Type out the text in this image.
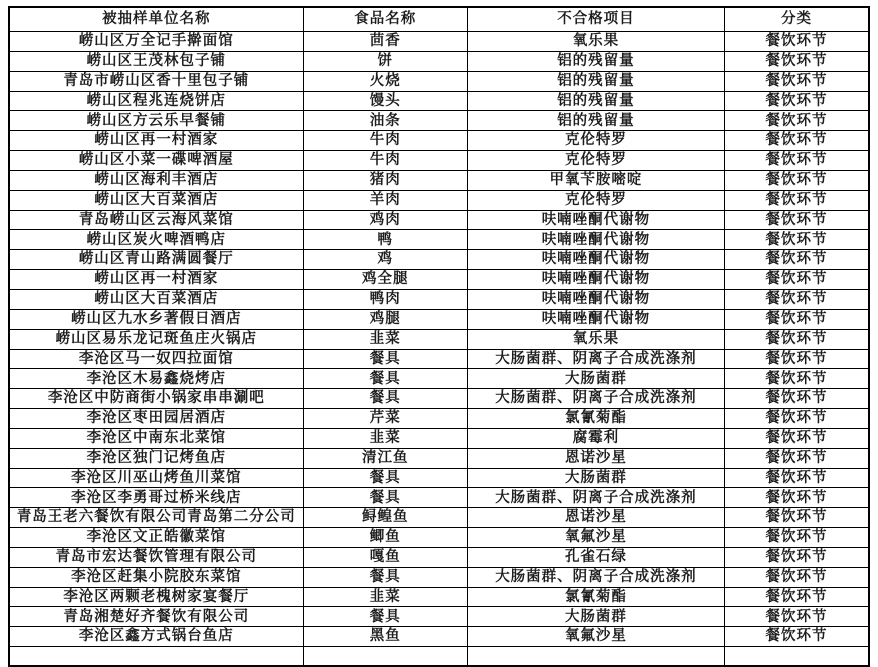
被抽样单位名称	食品名称	不合格项目	分类
崂山区万全记手擀面馆	茴香	氧乐果	餐饮环节
崂山区王茂林包子铺	饼	铝的残留量	餐饮环节
青岛市崂山区香十里包子铺	火烧	铝的残留量	餐饮环节
崂山区程兆连烧饼店	馒头	铝的残留量	餐饮环节
崂山区方云乐早餐铺	油条	铝的残留量	餐饮环节
崂山区再一村酒家	牛肉	克伦特罗	餐饮环节
崂山区小菜一碟啤酒屋	牛肉	克伦特罗	餐饮环节
崂山区海利丰酒店	猪肉	甲氧苄胺嘧啶	餐饮环节
崂山区大百菜酒店	羊肉	克伦特罗	餐饮环节
青岛崂山区云海风菜馆	鸡肉	呋喃唑酮代谢物	餐饮环节
崂山区炭火啤酒鸭店	鸭	呋喃唑酮代谢物	餐饮环节
崂山区青山路满圆餐厅	鸡	呋喃唑酮代谢物	餐饮环节
崂山区再一村酒家	鸡全腿	呋喃唑酮代谢物	餐饮环节
崂山区大百菜酒店	鸭肉	呋喃唑酮代谢物	餐饮环节
崂山区九水乡著假日酒店	鸡腿	呋喃唑酮代谢物	餐饮环节
崂山区易乐龙记斑鱼庄火锅店	韭菜	氧乐果	餐饮环节
李沧区马一奴四拉面馆	餐具	大肠菌群、阴离子合成洗涤剂	餐饮环节
李沧区木易鑫烧烤店	餐具	大肠菌群	餐饮环节
李沧区中防商街小锅家串串涮吧	餐具	大肠菌群、阴离子合成洗涤剂	餐饮环节
李沧区枣田园居酒店	芹菜	氯氰菊酯	餐饮环节
李沧区中南东北菜馆	韭菜	腐霉利	餐饮环节
李沧区独门记烤鱼店	清江鱼	恩诺沙星	餐饮环节
李沧区川巫山烤鱼川菜馆	餐具	大肠菌群	餐饮环节
李沧区李勇哥过桥米线店	餐具	大肠菌群、阴离子合成洗涤剂	餐饮环节
青岛王老六餐饮有限公司青岛第二分公司	鲟鳇鱼	恩诺沙星	餐饮环节
李沧区文正皓徽菜馆	鲫鱼	氧氟沙星	餐饮环节
青岛市宏达餐饮管理有限公司	嘎鱼	孔雀石绿	餐饮环节
李沧区赶集小院胶东菜馆	餐具	大肠菌群、阴离子合成洗涤剂	餐饮环节
李沧区两颗老槐树家宴餐厅	韭菜	氯氰菊酯	餐饮环节
青岛湘楚好齐餐饮有限公司	餐具	大肠菌群	餐饮环节
李沧区鑫方式锅台鱼店	黑鱼	氧氟沙星	餐饮环节
